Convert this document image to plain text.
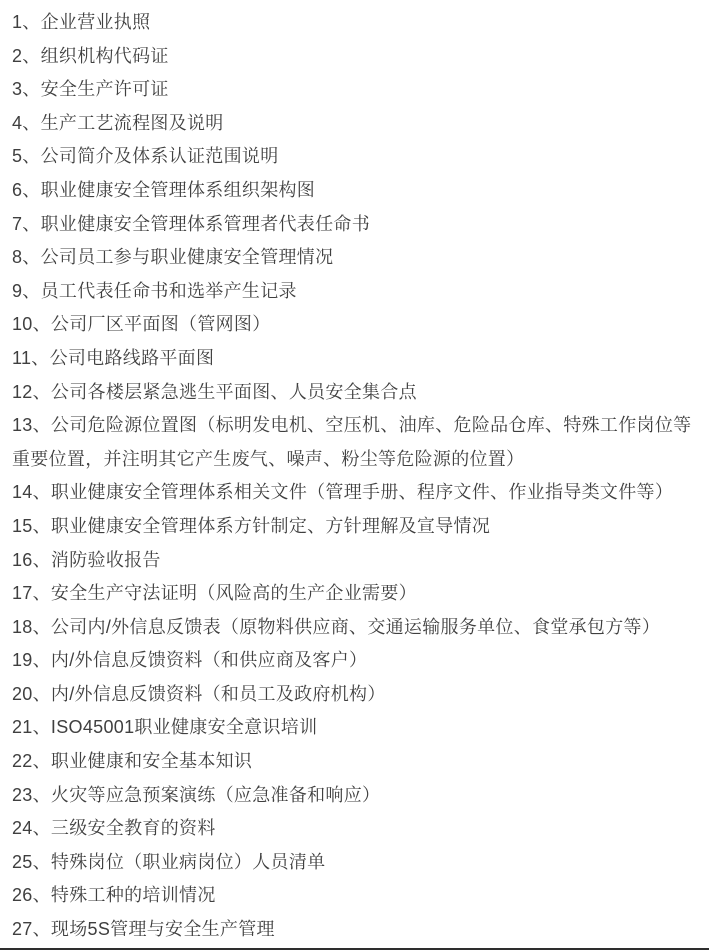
1、企业营业执照

2、组织机构代码证

3、安全生产许可证

4、生产工艺流程图及说明

5、公司简介及体系认证范围说明

6、职业健康安全管理体系组织架构图

7、职业健康安全管理体系管理者代表任命书

8、公司员工参与职业健康安全管理情况

9、员工代表任命书和选举产生记录

10、公司厂区平面图（管网图）

11、公司电路线路平面图

12、公司各楼层紧急逃生平面图、人员安全集合点

13、公司危险源位置图（标明发电机、空压机、油库、危险品仓库、特殊工作岗位等重要位置，并注明其它产生废气、噪声、粉尘等危险源的位置）

14、职业健康安全管理体系相关文件（管理手册、程序文件、作业指导类文件等）

15、职业健康安全管理体系方针制定、方针理解及宣导情况

16、消防验收报告

17、安全生产守法证明（风险高的生产企业需要）

18、公司内/外信息反馈表（原物料供应商、交通运输服务单位、食堂承包方等）

19、内/外信息反馈资料（和供应商及客户）

20、内/外信息反馈资料（和员工及政府机构）

21、ISO45001职业健康安全意识培训

22、职业健康和安全基本知识

23、火灾等应急预案演练（应急准备和响应）

24、三级安全教育的资料

25、特殊岗位（职业病岗位）人员清单

26、特殊工种的培训情况

27、现场5S管理与安全生产管理
